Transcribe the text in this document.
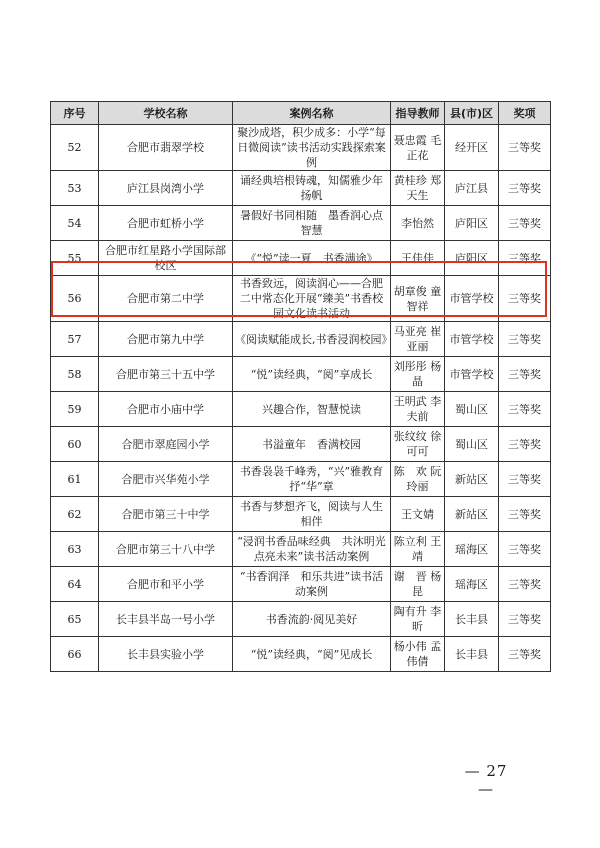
序号	学校名称	案例名称	指导教师	县(市)区	奖项
52	合肥市翡翠学校	聚沙成塔，积少成多：小学“每日微阅读”读书活动实践探索案例	聂忠霞 毛正花	经开区	三等奖
53	庐江县岗湾小学	诵经典培根铸魂，知儒雅少年扬帆	黄桂珍 郑天生	庐江县	三等奖
54	合肥市虹桥小学	暑假好书同相随　墨香润心点智慧	李怡然	庐阳区	三等奖
55	合肥市红星路小学国际部校区	《“悦”读一夏　书香满途》	王佳佳	庐阳区	三等奖
56	合肥市第二中学	书香致远，阅读润心——合肥二中常态化开展“臻美”书香校园文化读书活动	胡章俊 童智祥	市管学校	三等奖
57	合肥市第九中学	《阅读赋能成长,书香浸润校园》	马亚亮 崔亚丽	市管学校	三等奖
58	合肥市第三十五中学	“悦”读经典，“阅”享成长	刘彤彤 杨　晶	市管学校	三等奖
59	合肥市小庙中学	兴趣合作，智慧悦读	王明武 李夫前	蜀山区	三等奖
60	合肥市翠庭园小学	书溢童年　香满校园	张纹纹 徐可可	蜀山区	三等奖
61	合肥市兴华苑小学	书香袅袅千峰秀，“兴”雅教育抒“华”章	陈　欢 阮玲丽	新站区	三等奖
62	合肥市第三十中学	书香与梦想齐飞，阅读与人生相伴	王文婧	新站区	三等奖
63	合肥市第三十八中学	“浸润书香品味经典　共沐明光点亮未来”读书活动案例	陈立利 王　靖	瑶海区	三等奖
64	合肥市和平小学	“书香润泽　和乐共进”读书活动案例	谢　晋 杨　昆	瑶海区	三等奖
65	长丰县半岛一号小学	书香流韵·阅见美好	陶有升 李　昕	长丰县	三等奖
66	长丰县实验小学	“悦”读经典，“阅”见成长	杨小伟 孟伟倩	长丰县	三等奖
— 27 —
